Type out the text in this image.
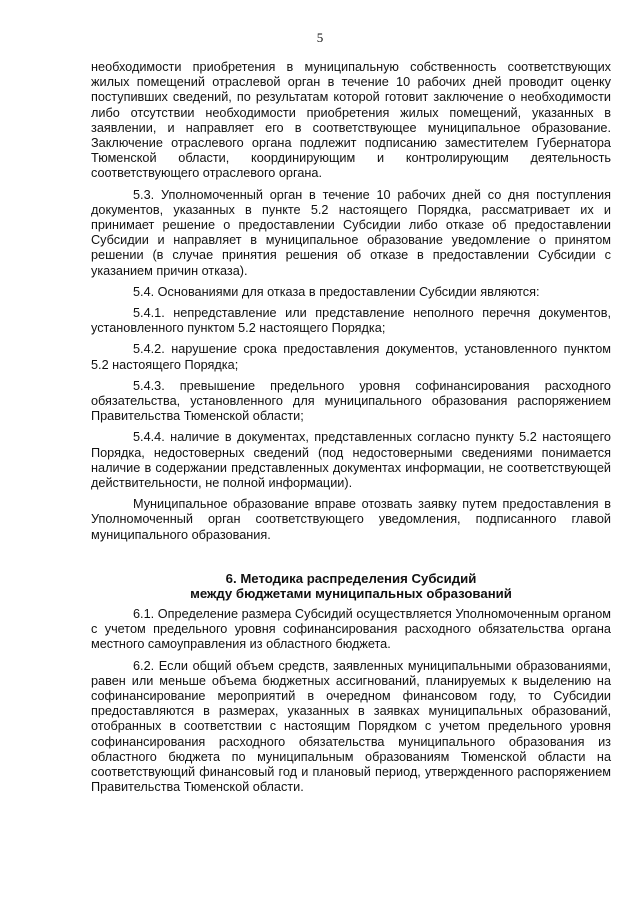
5

необходимости приобретения в муниципальную собственность соответствующих жилых помещений отраслевой орган в течение 10 рабочих дней проводит оценку поступивших сведений, по результатам которой готовит заключение о необходимости либо отсутствии необходимости приобретения жилых помещений, указанных в заявлении, и направляет его в соответствующее муниципальное образование. Заключение отраслевого органа подлежит подписанию заместителем Губернатора Тюменской области, координирующим и контролирующим деятельность соответствующего отраслевого органа.

5.3. Уполномоченный орган в течение 10 рабочих дней со дня поступления документов, указанных в пункте 5.2 настоящего Порядка, рассматривает их и принимает решение о предоставлении Субсидии либо отказе об предоставлении Субсидии и направляет в муниципальное образование уведомление о принятом решении (в случае принятия решения об отказе в предоставлении Субсидии с указанием причин отказа).

5.4. Основаниями для отказа в предоставлении Субсидии являются:

5.4.1. непредставление или представление неполного перечня документов, установленного пунктом 5.2 настоящего Порядка;

5.4.2. нарушение срока предоставления документов, установленного пунктом 5.2 настоящего Порядка;

5.4.3. превышение предельного уровня софинансирования расходного обязательства, установленного для муниципального образования распоряжением Правительства Тюменской области;

5.4.4. наличие в документах, представленных согласно пункту 5.2 настоящего Порядка, недостоверных сведений (под недостоверными сведениями понимается наличие в содержании представленных документах информации, не соответствующей действительности, не полной информации).

Муниципальное образование вправе отозвать заявку путем предоставления в Уполномоченный орган соответствующего уведомления, подписанного главой муниципального образования.

6. Методика распределения Субсидий
между бюджетами муниципальных образований

6.1. Определение размера Субсидий осуществляется Уполномоченным органом с учетом предельного уровня софинансирования расходного обязательства органа местного самоуправления из областного бюджета.

6.2. Если общий объем средств, заявленных муниципальными образованиями, равен или меньше объема бюджетных ассигнований, планируемых к выделению на софинансирование мероприятий в очередном финансовом году, то Субсидии предоставляются в размерах, указанных в заявках муниципальных образований, отобранных в соответствии с настоящим Порядком с учетом предельного уровня софинансирования расходного обязательства муниципального образования из областного бюджета по муниципальным образованиям Тюменской области на соответствующий финансовый год и плановый период, утвержденного распоряжением Правительства Тюменской области.
